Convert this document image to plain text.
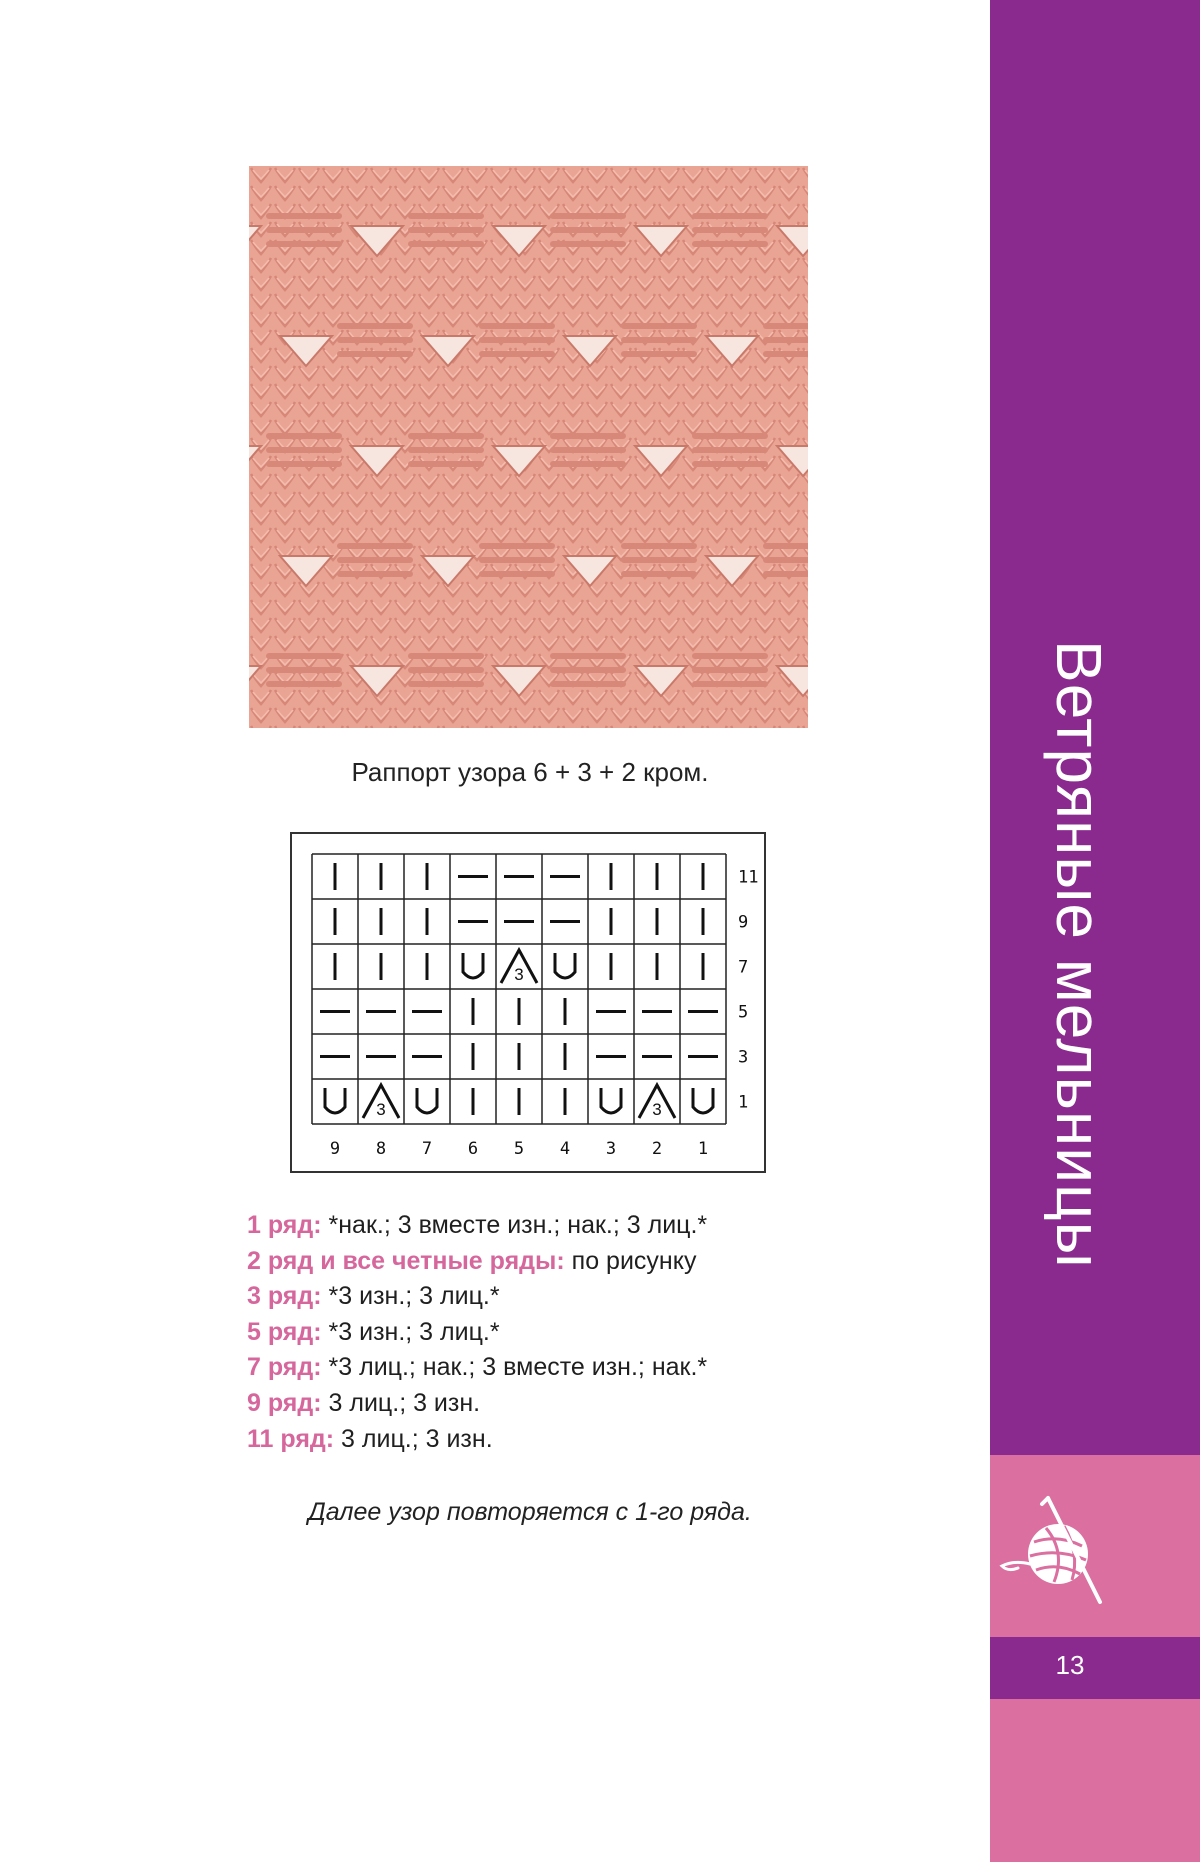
Раппорт узора 6 + 3 + 2 кром.
11
9
3	7
5
3
3	3	1
9 8 7 6 5 4 3 2 1
1 ряд: *нак.; 3 вместе изн.; нак.; 3 лиц.*
2 ряд и все четные ряды: по рисунку
3 ряд: *3 изн.; 3 лиц.*
5 ряд: *3 изн.; 3 лиц.*
7 ряд: *3 лиц.; нак.; 3 вместе изн.; нак.*
9 ряд: 3 лиц.; 3 изн.
11 ряд: 3 лиц.; 3 изн.
Далее узор повторяется с 1-го ряда.
Ветряные мельницы
13
